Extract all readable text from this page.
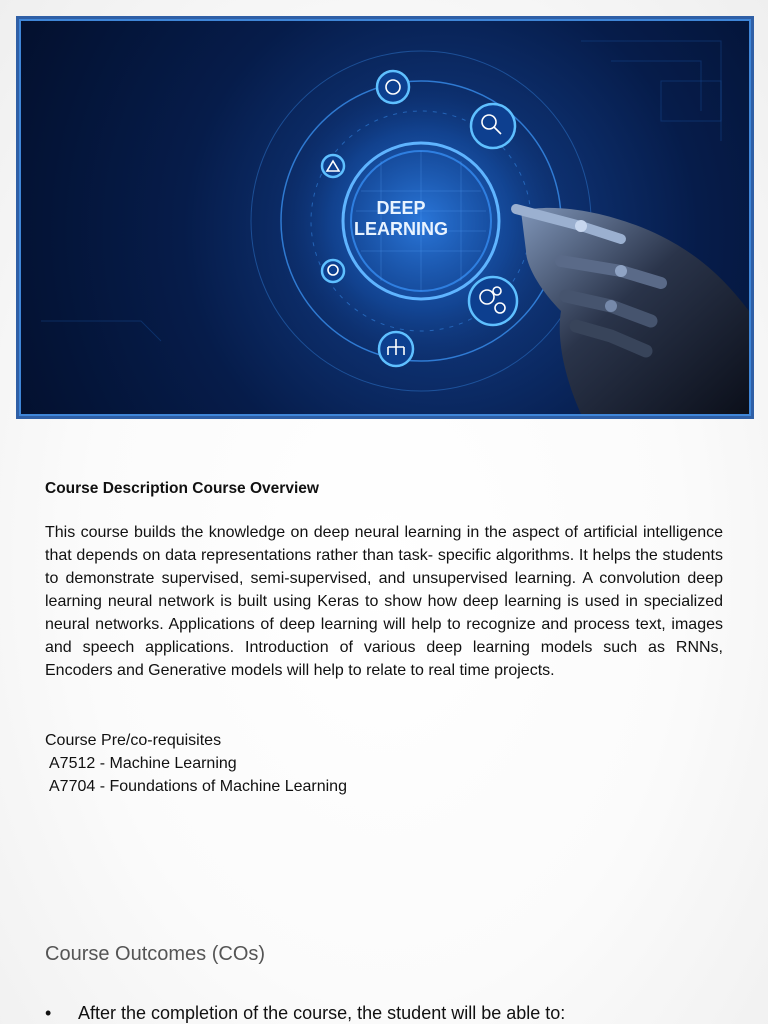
DEEP
LEARNING
Course Description Course Overview
This course builds the knowledge on deep neural learning in the aspect of artificial intelligence that depends on data representations rather than task- specific algorithms. It helps the students to demonstrate supervised, semi-supervised, and unsupervised learning. A convolution deep learning neural network is built using Keras to show how deep learning is used in specialized neural networks. Applications of deep learning will help to recognize and process text, images and speech applications. Introduction of various deep learning models such as RNNs, Encoders and Generative models will help to relate to real time projects.
Course Pre/co-requisites
A7512 - Machine Learning
A7704 - Foundations of Machine Learning
Course Outcomes (COs)
• After the completion of the course, the student will be able to:
